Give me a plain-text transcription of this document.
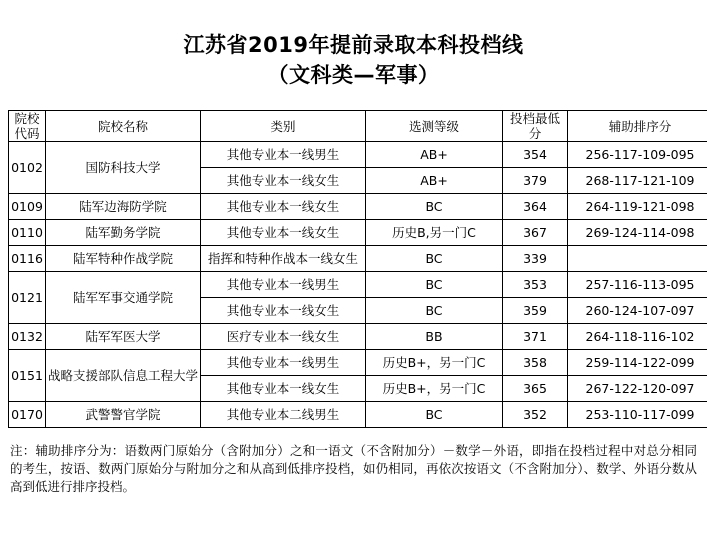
江苏省2019年提前录取本科投档线
（文科类—军事）
院校代码	院校名称	类别	选测等级	投档最低分	辅助排序分
0102	国防科技大学	其他专业本一线男生	AB+	354	256-117-109-095
		其他专业本一线女生	AB+	379	268-117-121-109
0109	陆军边海防学院	其他专业本一线女生	BC	364	264-119-121-098
0110	陆军勤务学院	其他专业本一线女生	历史B,另一门C	367	269-124-114-098
0116	陆军特种作战学院	指挥和特种作战本一线女生	BC	339	
0121	陆军军事交通学院	其他专业本一线男生	BC	353	257-116-113-095
		其他专业本一线女生	BC	359	260-124-107-097
0132	陆军军医大学	医疗专业本一线女生	BB	371	264-118-116-102
0151	战略支援部队信息工程大学	其他专业本一线男生	历史B+，另一门C	358	259-114-122-099
		其他专业本一线女生	历史B+，另一门C	365	267-122-120-097
0170	武警警官学院	其他专业本二线男生	BC	352	253-110-117-099
注：辅助排序分为：语数两门原始分（含附加分）之和一语文（不含附加分）－数学－外语，即指在投档过程中对总分相同的考生，按语、数两门原始分与附加分之和从高到低排序投档，如仍相同，再依次按语文（不含附加分）、数学、外语分数从高到低进行排序投档。
